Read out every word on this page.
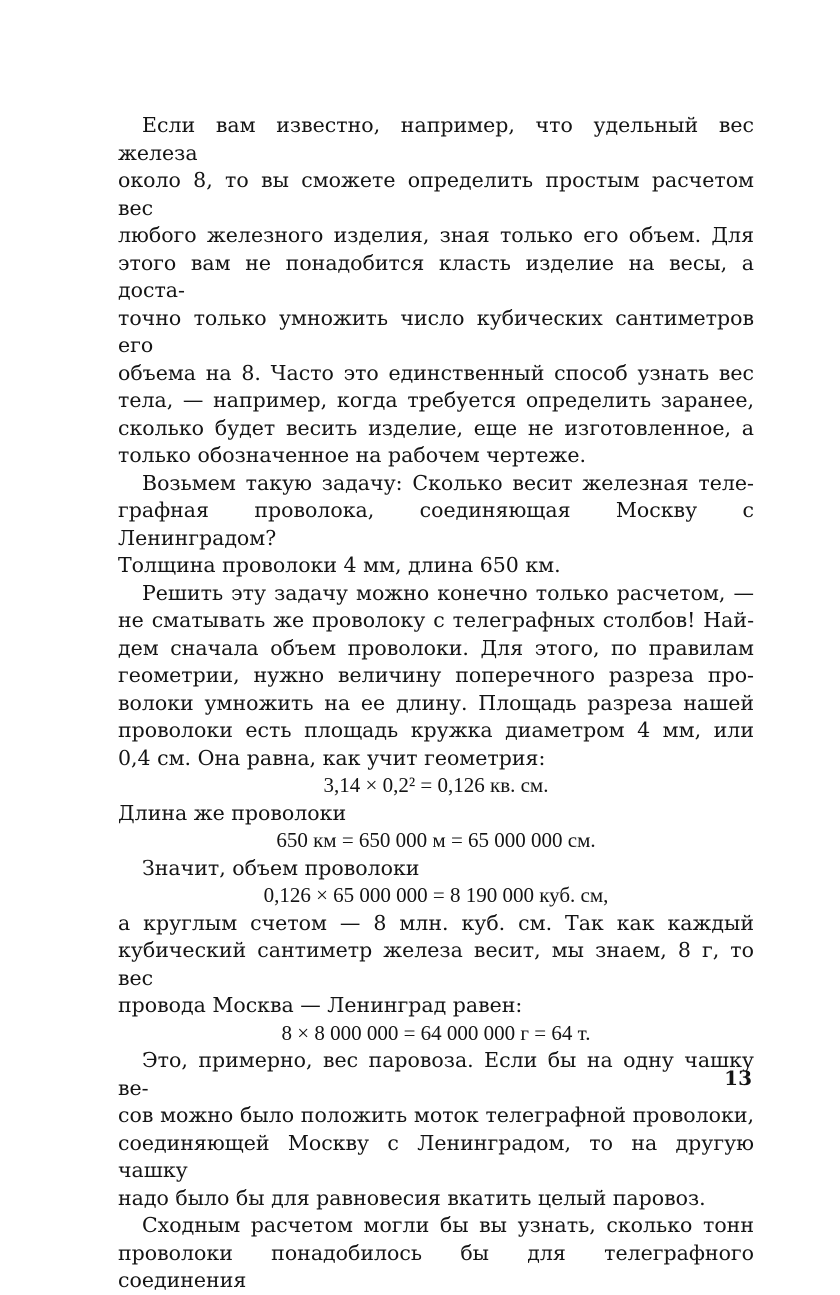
Если вам известно, например, что удельный вес железа
около 8, то вы сможете определить простым расчетом вес
любого железного изделия, зная только его объем. Для
этого вам не понадобится класть изделие на весы, а доста-
точно только умножить число кубических сантиметров его
объема на 8. Часто это единственный способ узнать вес
тела, — например, когда требуется определить заранее,
сколько будет весить изделие, еще не изготовленное, а
только обозначенное на рабочем чертеже.
Возьмем такую задачу: Сколько весит железная теле-
графная проволока, соединяющая Москву с Ленинградом?
Толщина проволоки 4 мм, длина 650 км.
Решить эту задачу можно конечно только расчетом, —
не сматывать же проволоку с телеграфных столбов! Най-
дем сначала объем проволоки. Для этого, по правилам
геометрии, нужно величину поперечного разреза про-
волоки умножить на ее длину. Площадь разреза нашей
проволоки есть площадь кружка диаметром 4 мм, или
0,4 см. Она равна, как учит геометрия:
3,14 × 0,2² = 0,126 кв. см.
Длина же проволоки
650 км = 650 000 м = 65 000 000 см.
Значит, объем проволоки
0,126 × 65 000 000 = 8 190 000 куб. см,
а круглым счетом — 8 млн. куб. см. Так как каждый
кубический сантиметр железа весит, мы знаем, 8 г, то вес
провода Москва — Ленинград равен:
8 × 8 000 000 = 64 000 000 г = 64 т.
Это, примерно, вес паровоза. Если бы на одну чашку ве-
сов можно было положить моток телеграфной проволоки,
соединяющей Москву с Ленинградом, то на другую чашку
надо было бы для равновесия вкатить целый паровоз.
Сходным расчетом могли бы вы узнать, сколько тонн
проволоки понадобилось бы для телеграфного соединения
13
